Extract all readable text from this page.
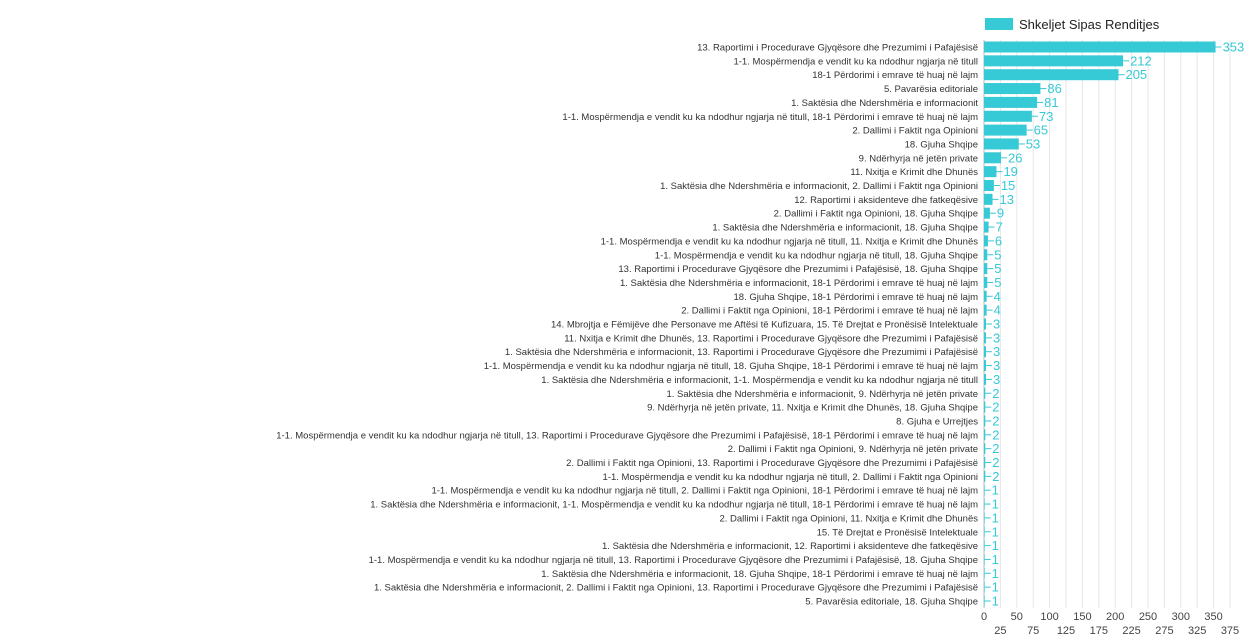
13. Raportimi i Procedurave Gjyqësore dhe Prezumimi i Pafajësisë
1-1. Mospërmendja e vendit ku ka ndodhur ngjarja në titull
18-1 Përdorimi i emrave të huaj në lajm
5. Pavarësia editoriale
1. Saktësia dhe Ndershmëria e informacionit
1-1. Mospërmendja e vendit ku ka ndodhur ngjarja në titull, 18-1 Përdorimi i emrave të huaj në lajm
2. Dallimi i Faktit nga Opinioni
18. Gjuha Shqipe
9. Ndërhyrja në jetën private
11. Nxitja e Krimit dhe Dhunës
1. Saktësia dhe Ndershmëria e informacionit, 2. Dallimi i Faktit nga Opinioni
12. Raportimi i aksidenteve dhe fatkeqësive
2. Dallimi i Faktit nga Opinioni, 18. Gjuha Shqipe
1. Saktësia dhe Ndershmëria e informacionit, 18. Gjuha Shqipe
1-1. Mospërmendja e vendit ku ka ndodhur ngjarja në titull, 11. Nxitja e Krimit dhe Dhunës
1-1. Mospërmendja e vendit ku ka ndodhur ngjarja në titull, 18. Gjuha Shqipe
13. Raportimi i Procedurave Gjyqësore dhe Prezumimi i Pafajësisë, 18. Gjuha Shqipe
1. Saktësia dhe Ndershmëria e informacionit, 18-1 Përdorimi i emrave të huaj në lajm
18. Gjuha Shqipe, 18-1 Përdorimi i emrave të huaj në lajm
2. Dallimi i Faktit nga Opinioni, 18-1 Përdorimi i emrave të huaj në lajm
14. Mbrojtja e Fëmijëve dhe Personave me Aftësi të Kufizuara, 15. Të Drejtat e Pronësisë Intelektuale
11. Nxitja e Krimit dhe Dhunës, 13. Raportimi i Procedurave Gjyqësore dhe Prezumimi i Pafajësisë
1. Saktësia dhe Ndershmëria e informacionit, 13. Raportimi i Procedurave Gjyqësore dhe Prezumimi i Pafajësisë
1-1. Mospërmendja e vendit ku ka ndodhur ngjarja në titull, 18. Gjuha Shqipe, 18-1 Përdorimi i emrave të huaj në lajm
1. Saktësia dhe Ndershmëria e informacionit, 1-1. Mospërmendja e vendit ku ka ndodhur ngjarja në titull
1. Saktësia dhe Ndershmëria e informacionit, 9. Ndërhyrja në jetën private
9. Ndërhyrja në jetën private, 11. Nxitja e Krimit dhe Dhunës, 18. Gjuha Shqipe
8. Gjuha e Urrejtjes
1-1. Mospërmendja e vendit ku ka ndodhur ngjarja në titull, 13. Raportimi i Procedurave Gjyqësore dhe Prezumimi i Pafajësisë, 18-1 Përdorimi i emrave të huaj në lajm
2. Dallimi i Faktit nga Opinioni, 9. Ndërhyrja në jetën private
2. Dallimi i Faktit nga Opinioni, 13. Raportimi i Procedurave Gjyqësore dhe Prezumimi i Pafajësisë
1-1. Mospërmendja e vendit ku ka ndodhur ngjarja në titull, 2. Dallimi i Faktit nga Opinioni
1-1. Mospërmendja e vendit ku ka ndodhur ngjarja në titull, 2. Dallimi i Faktit nga Opinioni, 18-1 Përdorimi i emrave të huaj në lajm
1. Saktësia dhe Ndershmëria e informacionit, 1-1. Mospërmendja e vendit ku ka ndodhur ngjarja në titull, 18-1 Përdorimi i emrave të huaj në lajm
2. Dallimi i Faktit nga Opinioni, 11. Nxitja e Krimit dhe Dhunës
15. Të Drejtat e Pronësisë Intelektuale
1. Saktësia dhe Ndershmëria e informacionit, 12. Raportimi i aksidenteve dhe fatkeqësive
1-1. Mospërmendja e vendit ku ka ndodhur ngjarja në titull, 13. Raportimi i Procedurave Gjyqësore dhe Prezumimi i Pafajësisë, 18. Gjuha Shqipe
1. Saktësia dhe Ndershmëria e informacionit, 18. Gjuha Shqipe, 18-1 Përdorimi i emrave të huaj në lajm
1. Saktësia dhe Ndershmëria e informacionit, 2. Dallimi i Faktit nga Opinioni, 13. Raportimi i Procedurave Gjyqësore dhe Prezumimi i Pafajësisë
5. Pavarësia editoriale, 18. Gjuha Shqipe
353
212
205
86
81
73
65
53
26
19
15
13
9
7
6
5
5
5
4
4
3
3
3
3
3
2
2
2
2
2
2
2
1
1
1
1
1
1
1
1
1
0
25
50
75
100
125
150
175
200
225
250
275
300
325
350
375
Shkeljet Sipas Renditjes
